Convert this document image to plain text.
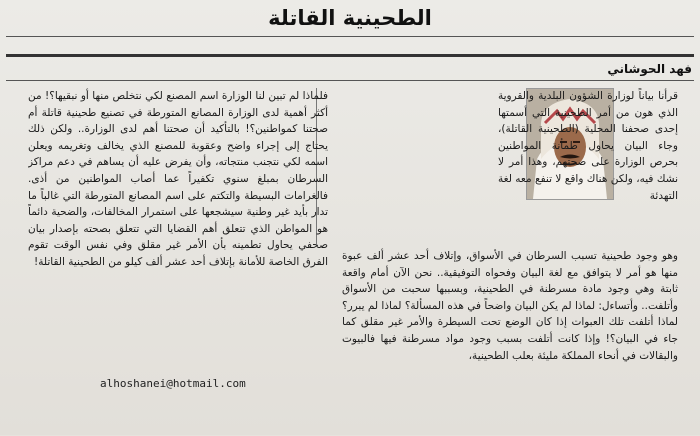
الطحينية القاتلة
فهد الحوشاني

قرأنا بياناً لوزارة الشؤون البلدية والقروية الذي هون من أمر الطحينية التي أسمتها إحدى صحفنا المحلية (الطحينية القاتلة)، وجاء البيان يحاول طمأنة المواطنين بحرص الوزارة على صحتهم، وهذا أمر لا نشك فيه، ولكن هناك واقع لا تنفع معه لغة التهدئة

وهو وجود طحينية تسبب السرطان في الأسواق، وإتلاف أحد عشر ألف عبوة منها هو أمر لا يتوافق مع لغة البيان وفحواه التوفيقية.. نحن الآن أمام واقعة ثابتة وهي وجود مادة مسرطنة في الطحينية، وبسببها سحبت من الأسواق وأتلفت.. وأتساءل: لماذا لم يكن البيان واضحاً في هذه المسألة؟ لماذا لم يبرر؟ لماذا أتلفت تلك العبوات إذا كان الوضع تحت السيطرة والأمر غير مقلق كما جاء في البيان؟! وإذا كانت أتلفت بسبب وجود مواد مسرطنة فيها فالبيوت والبقالات في أنحاء المملكة مليئة بعلب الطحينية،

فلماذا لم تبين لنا الوزارة اسم المصنع لكي نتخلص منها أو نبقيها؟! من أكثر أهمية لدى الوزارة المصانع المتورطة في تصنيع طحينية قاتلة أم صحتنا كمواطنين؟! بالتأكيد أن صحتنا أهم لدى الوزارة.. ولكن ذلك يحتاج إلى إجراء واضح وعقوبة للمصنع الذي يخالف وتغريمه ويعلن اسمه لكي نتجنب منتجاته، وأن يفرض عليه أن يساهم في دعم مراكز السرطان بمبلغ سنوي تكفيراً عما أصاب المواطنين من أذى. فالغرامات البسيطة والتكتم على اسم المصانع المتورطة التي غالباً ما تدار بأيد غير وطنية سيشجعها على استمرار المخالفات، والضحية دائماً هو المواطن الذي تتعلق أهم القضايا التي تتعلق بصحته بإصدار بيان صحفي يحاول تطمينه بأن الأمر غير مقلق وفي نفس الوقت تقوم الفرق الخاصة للأمانة بإتلاف أحد عشر ألف كيلو من الطحينية القاتلة!

alhoshanei@hotmail.com
